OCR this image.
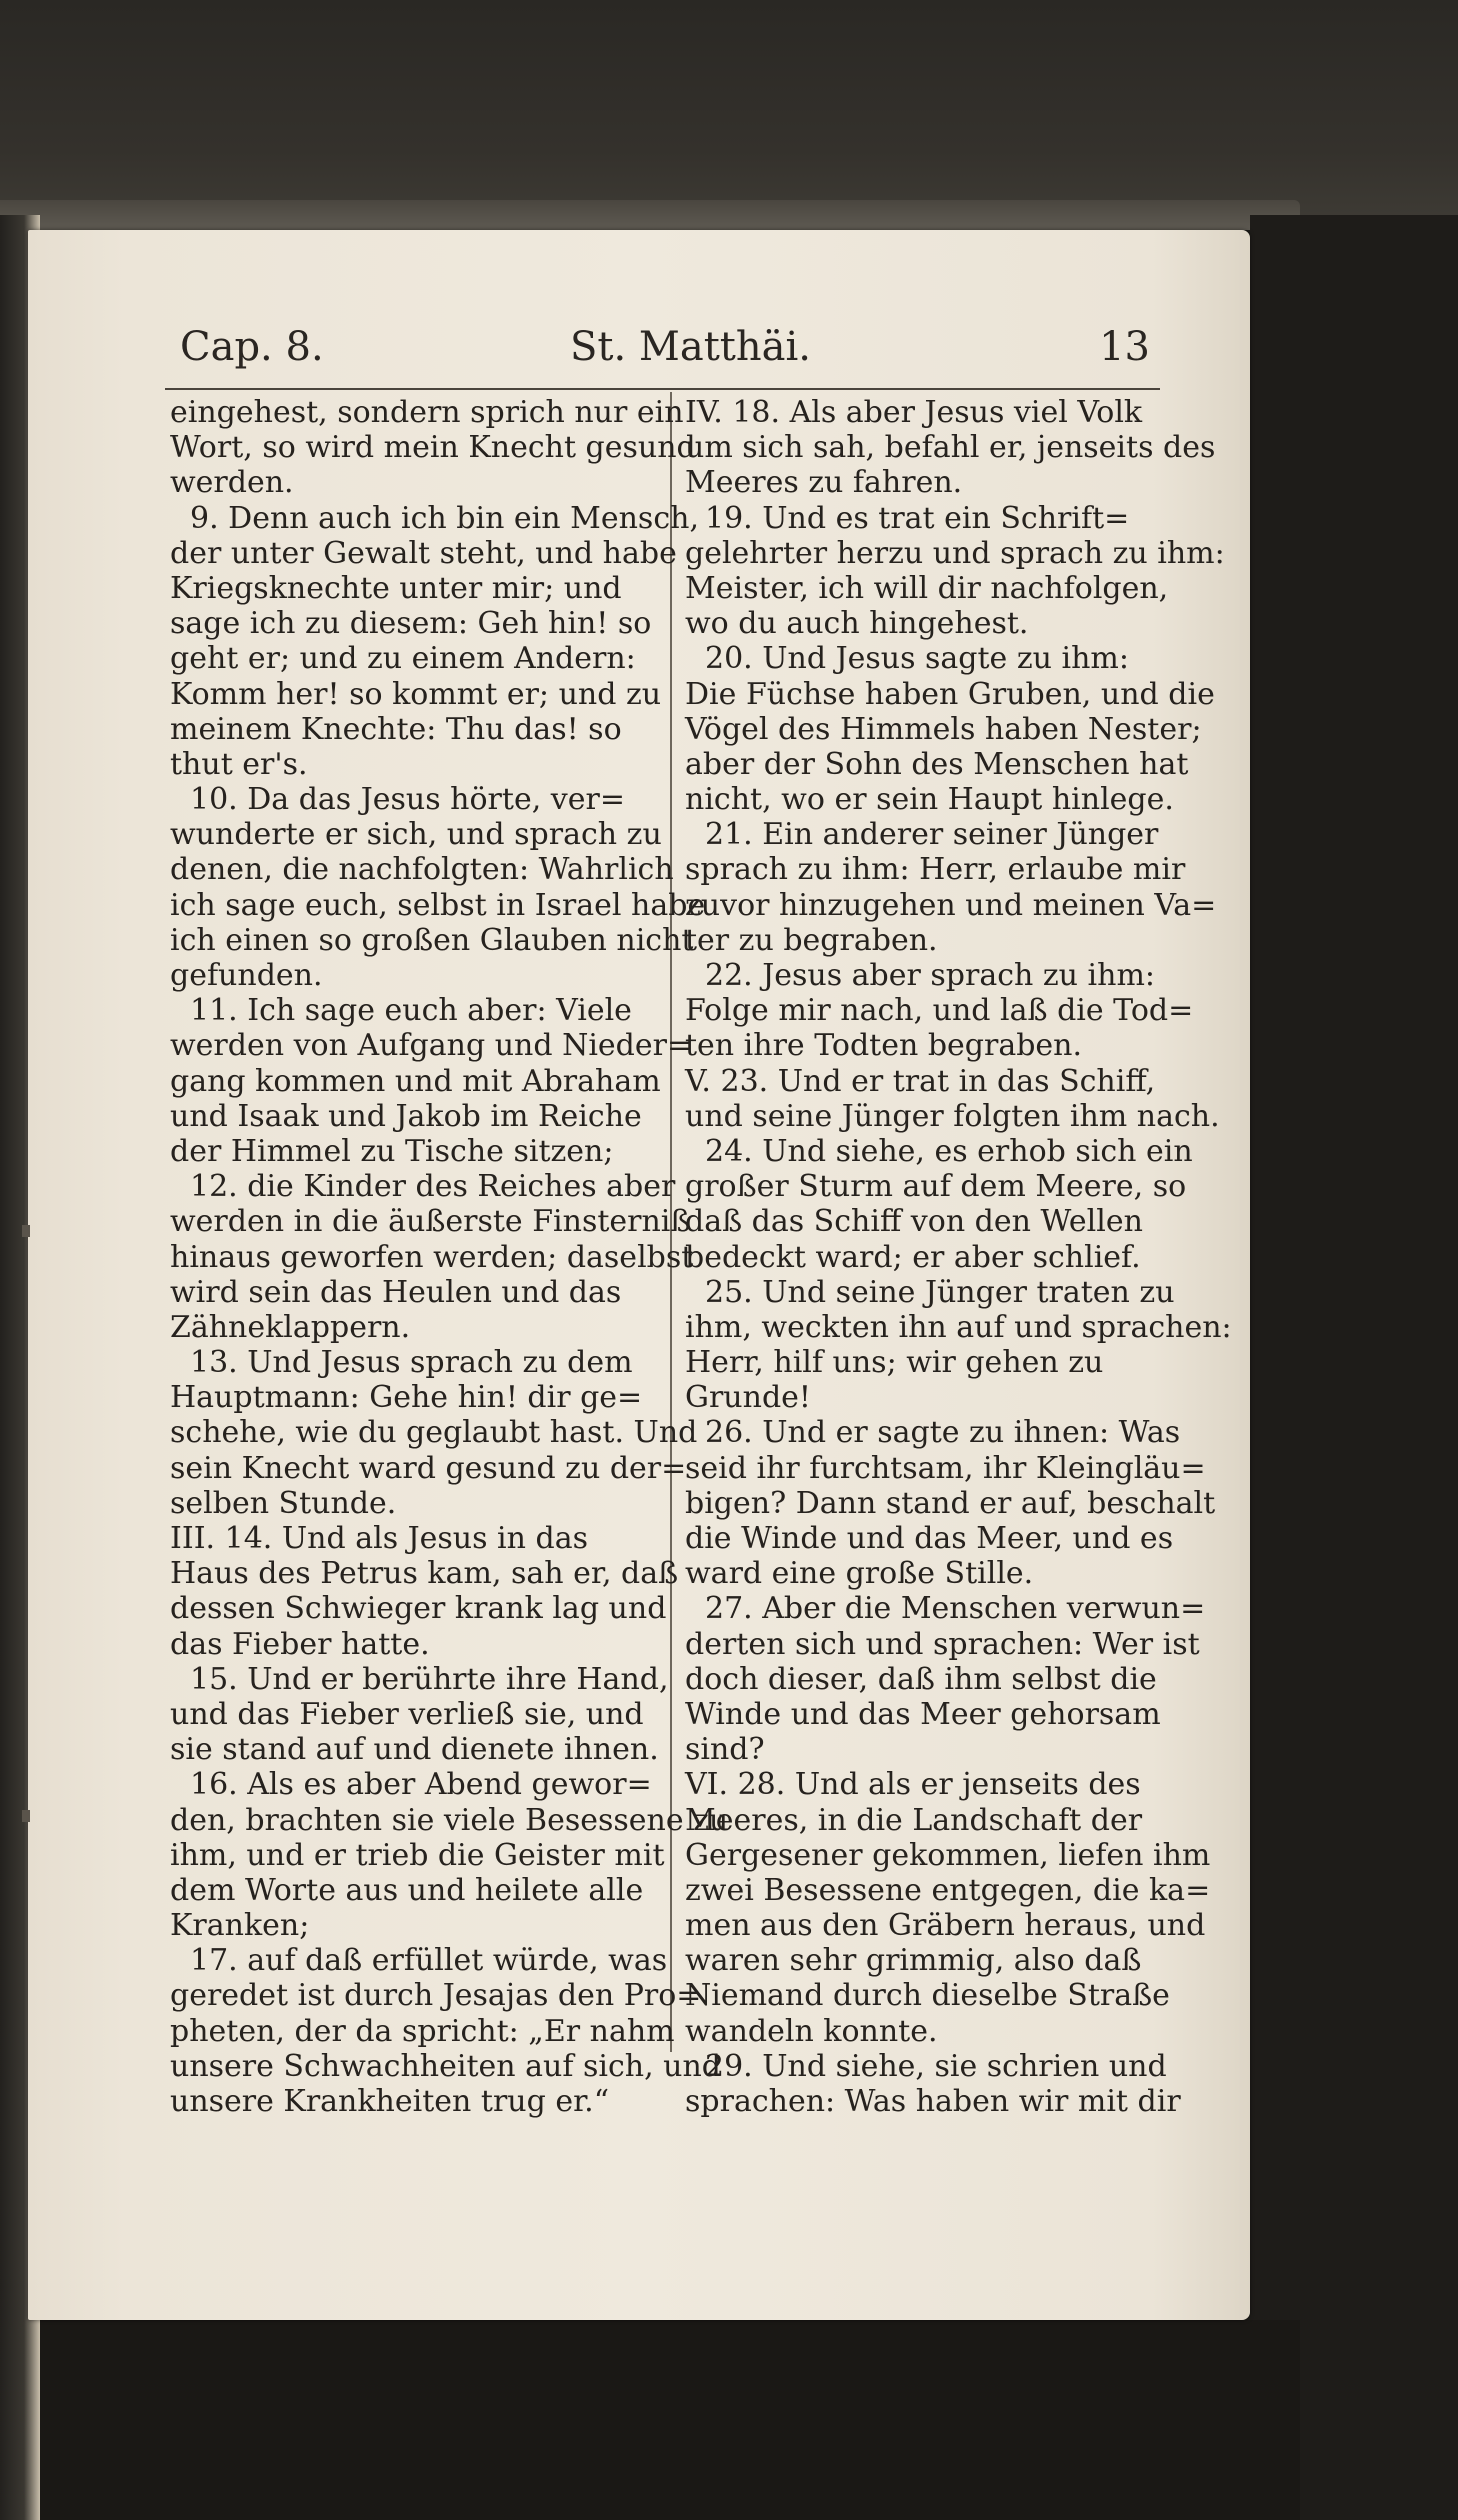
Cap. 8.	St. Matthäi.	13
eingehest, sondern sprich nur ein
Wort, so wird mein Knecht gesund
werden.
9. Denn auch ich bin ein Mensch,
der unter Gewalt steht, und habe
Kriegsknechte unter mir; und
sage ich zu diesem: Geh hin! so
geht er; und zu einem Andern:
Komm her! so kommt er; und zu
meinem Knechte: Thu das! so
thut er's.
10. Da das Jesus hörte, ver=
wunderte er sich, und sprach zu
denen, die nachfolgten: Wahrlich
ich sage euch, selbst in Israel habe
ich einen so großen Glauben nicht
gefunden.
11. Ich sage euch aber: Viele
werden von Aufgang und Nieder=
gang kommen und mit Abraham
und Isaak und Jakob im Reiche
der Himmel zu Tische sitzen;
12. die Kinder des Reiches aber
werden in die äußerste Finsterniß
hinaus geworfen werden; daselbst
wird sein das Heulen und das
Zähneklappern.
13. Und Jesus sprach zu dem
Hauptmann: Gehe hin! dir ge=
schehe, wie du geglaubt hast. Und
sein Knecht ward gesund zu der=
selben Stunde.
III. 14. Und als Jesus in das
Haus des Petrus kam, sah er, daß
dessen Schwieger krank lag und
das Fieber hatte.
15. Und er berührte ihre Hand,
und das Fieber verließ sie, und
sie stand auf und dienete ihnen.
16. Als es aber Abend gewor=
den, brachten sie viele Besessene zu
ihm, und er trieb die Geister mit
dem Worte aus und heilete alle
Kranken;
17. auf daß erfüllet würde, was
geredet ist durch Jesajas den Pro=
pheten, der da spricht: „Er nahm
unsere Schwachheiten auf sich, und
unsere Krankheiten trug er.“
IV. 18. Als aber Jesus viel Volk
um sich sah, befahl er, jenseits des
Meeres zu fahren.
19. Und es trat ein Schrift=
gelehrter herzu und sprach zu ihm:
Meister, ich will dir nachfolgen,
wo du auch hingehest.
20. Und Jesus sagte zu ihm:
Die Füchse haben Gruben, und die
Vögel des Himmels haben Nester;
aber der Sohn des Menschen hat
nicht, wo er sein Haupt hinlege.
21. Ein anderer seiner Jünger
sprach zu ihm: Herr, erlaube mir
zuvor hinzugehen und meinen Va=
ter zu begraben.
22. Jesus aber sprach zu ihm:
Folge mir nach, und laß die Tod=
ten ihre Todten begraben.
V. 23. Und er trat in das Schiff,
und seine Jünger folgten ihm nach.
24. Und siehe, es erhob sich ein
großer Sturm auf dem Meere, so
daß das Schiff von den Wellen
bedeckt ward; er aber schlief.
25. Und seine Jünger traten zu
ihm, weckten ihn auf und sprachen:
Herr, hilf uns; wir gehen zu
Grunde!
26. Und er sagte zu ihnen: Was
seid ihr furchtsam, ihr Kleingläu=
bigen? Dann stand er auf, beschalt
die Winde und das Meer, und es
ward eine große Stille.
27. Aber die Menschen verwun=
derten sich und sprachen: Wer ist
doch dieser, daß ihm selbst die
Winde und das Meer gehorsam
sind?
VI. 28. Und als er jenseits des
Meeres, in die Landschaft der
Gergesener gekommen, liefen ihm
zwei Besessene entgegen, die ka=
men aus den Gräbern heraus, und
waren sehr grimmig, also daß
Niemand durch dieselbe Straße
wandeln konnte.
29. Und siehe, sie schrien und
sprachen: Was haben wir mit dir
